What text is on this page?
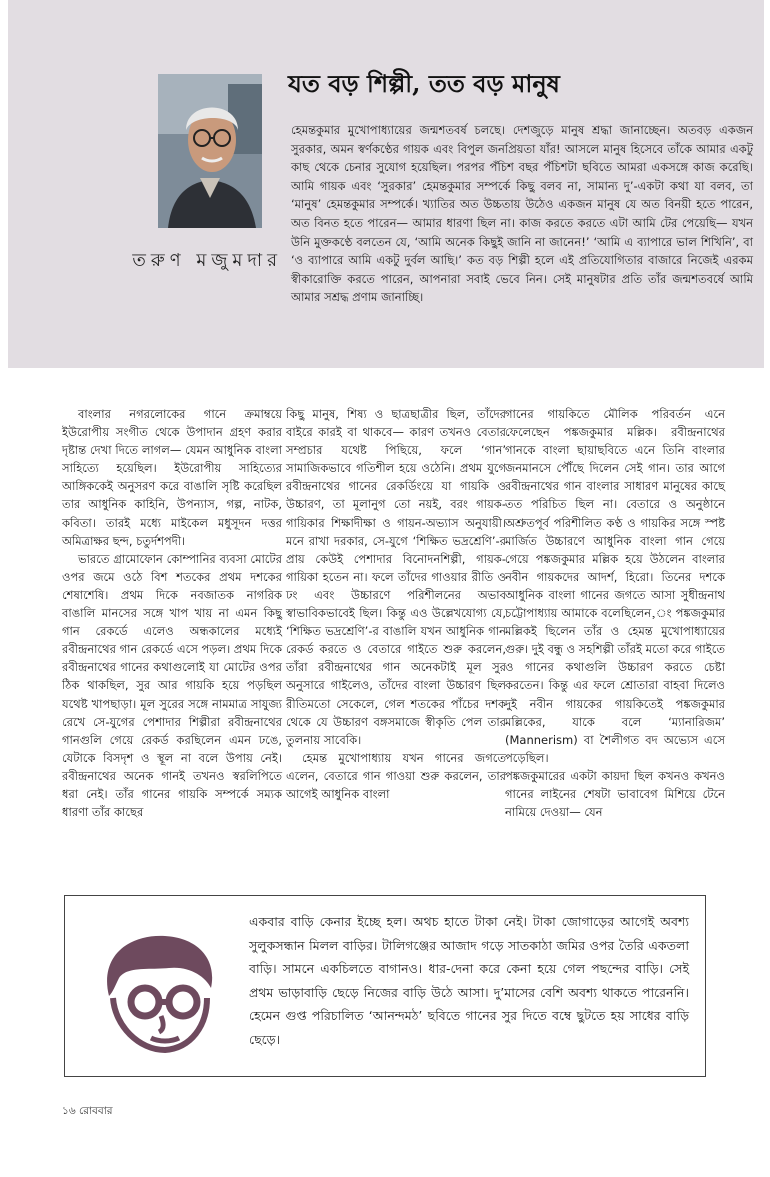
তরুণ মজুমদার
যত বড় শিল্পী, তত বড় মানুষ

হেমন্তকুমার মুখোপাধ্যায়ের জন্মশতবর্ষ চলছে। দেশজুড়ে মানুষ শ্রদ্ধা জানাচ্ছেন। অতবড় একজন সুরকার, অমন স্বর্ণকণ্ঠের গায়ক এবং বিপুল জনপ্রিয়তা যাঁর! আসলে মানুষ হিসেবে তাঁকে আমার একটু কাছ থেকে চেনার সুযোগ হয়েছিল। পরপর পঁচিশ বছর পঁচিশটা ছবিতে আমরা একসঙ্গে কাজ করেছি। আমি গায়ক এবং ‘সুরকার’ হেমন্তকুমার সম্পর্কে কিছু বলব না, সামান্য দু’-একটা কথা যা বলব, তা ‘মানুষ’ হেমন্তকুমার সম্পর্কে। খ্যাতির অত উচ্চতায় উঠেও একজন মানুষ যে অত বিনয়ী হতে পারেন, অত বিনত হতে পারেন— আমার ধারণা ছিল না। কাজ করতে করতে এটা আমি টের পেয়েছি— যখন উনি মুক্তকণ্ঠে বলতেন যে, ‘আমি অনেক কিছুই জানি না জানেন!’ ‘আমি এ ব্যাপারে ভাল শিখিনি’, বা ‘ও ব্যাপারে আমি একটু দুর্বল আছি।’ কত বড় শিল্পী হলে এই প্রতিযোগিতার বাজারে নিজেই এরকম স্বীকারোক্তি করতে পারেন, আপনারা সবাই ভেবে নিন। সেই মানুষটার প্রতি তাঁর জন্মশতবর্ষে আমি আমার সশ্রদ্ধ প্রণাম জানাচ্ছি।

বাংলার নগরলোকের গানে ক্রমাম্বয়ে ইউরোপীয় সংগীত থেকে উপাদান গ্রহণ করার দৃষ্টান্ত দেখা দিতে লাগল— যেমন আধুনিক বাংলা সাহিত্যে হয়েছিল। ইউরোপীয় সাহিত্যের আঙ্গিককেই অনুসরণ করে বাঙালি সৃষ্টি করেছিল তার আধুনিক কাহিনি, উপন্যাস, গল্প, নাটক, কবিতা। তারই মধ্যে মাইকেল মধুসূদন দত্তর অমিত্রাক্ষর ছন্দ, চতুর্দশপদী।

ভারতে গ্রামোফোন কোম্পানির ব্যবসা মোটের ওপর জমে ওঠে বিশ শতকের প্রথম দশকের শেষাশেষি। প্রথম দিকে নবজাতক নাগরিক বাঙালি মানসের সঙ্গে খাপ খায় না এমন কিছু গান রেকর্ডে এলেও অন্ধকালের মধ্যেই রবীন্দ্রনাথের গান রেকর্ডে এসে পড়ল। প্রথম দিকে রবীন্দ্রনাথের গানের কথাগুলোই যা মোটের ওপর ঠিক থাকছিল, সুর আর গায়কি হয়ে পড়ছিল যথেষ্ট খাপছাড়া। মূল সুরের সঙ্গে নামমাত্র সাযুজ্য রেখে সে-যুগের পেশাদার শিল্পীরা রবীন্দ্রনাথের গানগুলি গেয়ে রেকর্ড করছিলেন এমন ঢঙে, যেটাকে বিসদৃশ ও স্থূল না বলে উপায় নেই। রবীন্দ্রনাথের অনেক গানই তখনও স্বরলিপিতে ধরা নেই। তাঁর গানের গায়কি সম্পর্কে সম্যক ধারণা তাঁর কাছের

কিছু মানুষ, শিষ্য ও ছাত্রছাত্রীর ছিল, তাঁদের বাইরে কারই বা থাকবে— কারণ তখনও বেতার সম্প্রচার যথেষ্ট পিছিয়ে, ফলে ‘গান’ সামাজিকভাবে গতিশীল হয়ে ওঠেনি। প্রথম যুগে রবীন্দ্রনাথের গানের রেকর্ডিংয়ে যা গায়কি ও উচ্চারণ, তা মূলানুগ তো নয়ই, বরং গায়ক-গায়িকার শিক্ষাদীক্ষা ও গায়ন-অভ্যাস অনুযায়ী। মনে রাখা দরকার, সে-যুগে ‘শিক্ষিত ভদ্রশ্রেণি’-র প্রায় কেউই পেশাদার বিনোদনশিল্পী, গায়ক-গায়িকা হতেন না। ফলে তাঁদের গাওয়ার রীতি ও ঢং এবং উচ্চারণে পরিশীলনের অভাব স্বাভাবিকভাবেই ছিল। কিন্তু এও উল্লেখযোগ্য যে, ‘শিক্ষিত ভদ্রশ্রেণি’-র বাঙালি যখন আধুনিক গান রেকর্ড করতে ও বেতারে গাইতে শুরু করলেন, তাঁরা রবীন্দ্রনাথের গান অনেকটাই মূল সুর অনুসারে গাইলেও, তাঁদের বাংলা উচ্চারণ ছিল রীতিমতো সেকেলে, গেল শতকের পাঁচের দশক থেকে যে উচ্চারণ বঙ্গসমাজে স্বীকৃতি পেল তার তুলনায় সাবেকি।

হেমন্ত মুখোপাধ্যায় যখন গানের জগতে এলেন, বেতারে গান গাওয়া শুরু করলেন, তার আগেই আধুনিক বাংলা

গানের গায়কিতে মৌলিক পরিবর্তন এনে ফেলেছেন পঙ্কজকুমার মল্লিক। রবীন্দ্রনাথের গানকে বাংলা ছায়াছবিতে এনে তিনি বাংলার জনমানসে পৌঁছে দিলেন সেই গান। তার আগে রবীন্দ্রনাথের গান বাংলার সাধারণ মানুষের কাছে তত পরিচিত ছিল না। বেতারে ও অনুষ্ঠানে অশ্রুতপূর্ব পরিশীলিত কণ্ঠ ও গায়কির সঙ্গে স্পষ্ট মার্জিত উচ্চারণে আধুনিক বাংলা গান গেয়ে গেয়ে পঙ্কজকুমার মল্লিক হয়ে উঠলেন বাংলার নবীন গায়কদের আদর্শ, হিরো। তিনের দশকে আধুনিক বাংলা গানের জগতে আসা সুধীন্দ্রনাথ চট্টোপাধ্যায় আমাকে বলেছিলেন,ং পঙ্কজকুমার মল্লিকই ছিলেন তাঁর ও হেমন্ত মুখোপাধ্যায়ের গুরু। দুই বন্ধু ও সহশিল্পী তাঁরই মতো করে গাইতে ও গানের কথাগুলি উচ্চারণ করতে চেষ্টা করতেন। কিন্তু এর ফলে শ্রোতারা বাহবা দিলেও দুই নবীন গায়কের গায়কিতেই পঙ্কজকুমার মল্লিকের, যাকে বলে ‘ম্যানারিজম’ (Mannerism) বা শৈলীগত বদ অভ্যেস এসে পড়েছিল।

পঙ্কজকুমারের একটা কায়দা ছিল কখনও কখনও গানের লাইনের শেষটা ভাবাবেগ মিশিয়ে টেনে নামিয়ে দেওয়া— যেন

একবার বাড়ি কেনার ইচ্ছে হল। অথচ হাতে টাকা নেই। টাকা জোগাড়ের আগেই অবশ্য সুলুকসন্ধান মিলল বাড়ির। টালিগঞ্জের আজাদ গড়ে সাতকাঠা জমির ওপর তৈরি একতলা বাড়ি। সামনে একচিলতে বাগানও। ধার-দেনা করে কেনা হয়ে গেল পছন্দের বাড়ি। সেই প্রথম ভাড়াবাড়ি ছেড়ে নিজের বাড়ি উঠে আসা। দু’মাসের বেশি অবশ্য থাকতে পারেননি। হেমেন গুপ্ত পরিচালিত ‘আনন্দমঠ’ ছবিতে গানের সুর দিতে বম্বে ছুটতে হয় সাধের বাড়ি ছেড়ে।

১৬ রোববার
